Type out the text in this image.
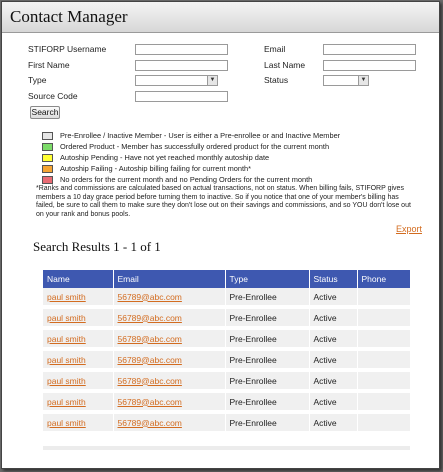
Contact Manager
STIFORP Username	Email
First Name	Last Name
Type	▼	Status	▼
Source Code
Search
Pre-Enrollee / Inactive Member - User is either a Pre-enrollee or and Inactive Member
Ordered Product - Member has successfully ordered product for the current month
Autoship Pending - Have not yet reached monthly autoship date
Autoship Failing - Autoship billing failing for current month*
No orders for the current month and no Pending Orders for the current month
*Ranks and commissions are calculated based on actual transactions, not on status. When billing fails, STIFORP gives members a 10 day grace period before turning them to inactive. So if you notice that one of your member's billing has failed, be sure to call them to make sure they don't lose out on their savings and commissions, and so YOU don't lose out on your rank and bonus pools.
Export
Search Results 1 - 1 of 1
Name	Email	Type	Status	Phone
paul smith	56789@abc.com	Pre-Enrollee	Active	
paul smith	56789@abc.com	Pre-Enrollee	Active	
paul smith	56789@abc.com	Pre-Enrollee	Active	
paul smith	56789@abc.com	Pre-Enrollee	Active	
paul smith	56789@abc.com	Pre-Enrollee	Active	
paul smith	56789@abc.com	Pre-Enrollee	Active	
paul smith	56789@abc.com	Pre-Enrollee	Active	
